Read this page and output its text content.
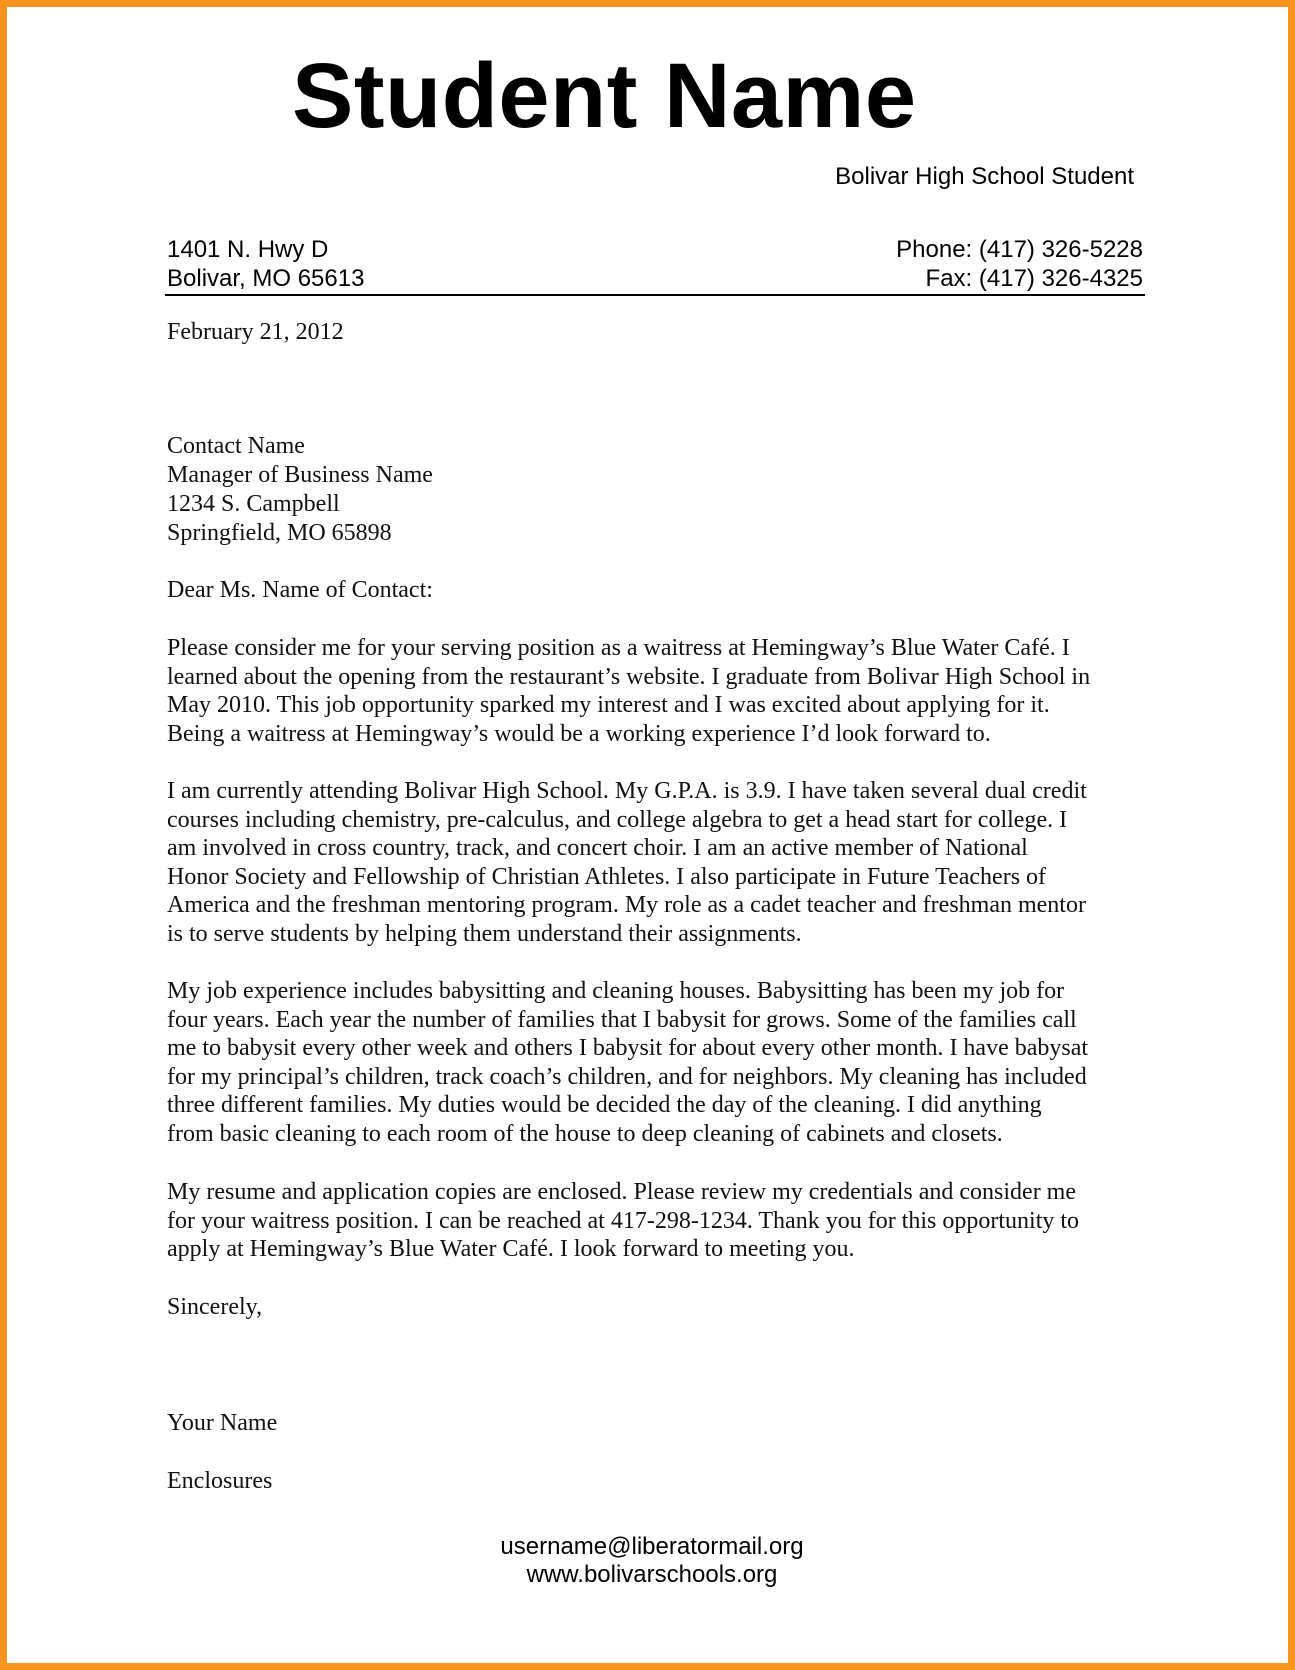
Student Name
Bolivar High School Student
1401 N. Hwy D
Bolivar, MO 65613
Phone: (417) 326-5228
Fax: (417) 326-4325
February 21, 2012
Contact Name
Manager of Business Name
1234 S. Campbell
Springfield, MO 65898
Dear Ms. Name of Contact:
Please consider me for your serving position as a waitress at Hemingway’s Blue Water Café. I
learned about the opening from the restaurant’s website. I graduate from Bolivar High School in
May 2010. This job opportunity sparked my interest and I was excited about applying for it.
Being a waitress at Hemingway’s would be a working experience I’d look forward to.
I am currently attending Bolivar High School. My G.P.A. is 3.9. I have taken several dual credit
courses including chemistry, pre-calculus, and college algebra to get a head start for college. I
am involved in cross country, track, and concert choir. I am an active member of National
Honor Society and Fellowship of Christian Athletes. I also participate in Future Teachers of
America and the freshman mentoring program. My role as a cadet teacher and freshman mentor
is to serve students by helping them understand their assignments.
My job experience includes babysitting and cleaning houses. Babysitting has been my job for
four years. Each year the number of families that I babysit for grows. Some of the families call
me to babysit every other week and others I babysit for about every other month. I have babysat
for my principal’s children, track coach’s children, and for neighbors. My cleaning has included
three different families. My duties would be decided the day of the cleaning. I did anything
from basic cleaning to each room of the house to deep cleaning of cabinets and closets.
My resume and application copies are enclosed. Please review my credentials and consider me
for your waitress position. I can be reached at 417-298-1234. Thank you for this opportunity to
apply at Hemingway’s Blue Water Café. I look forward to meeting you.
Sincerely,
Your Name
Enclosures
username@liberatormail.org
www.bolivarschools.org
